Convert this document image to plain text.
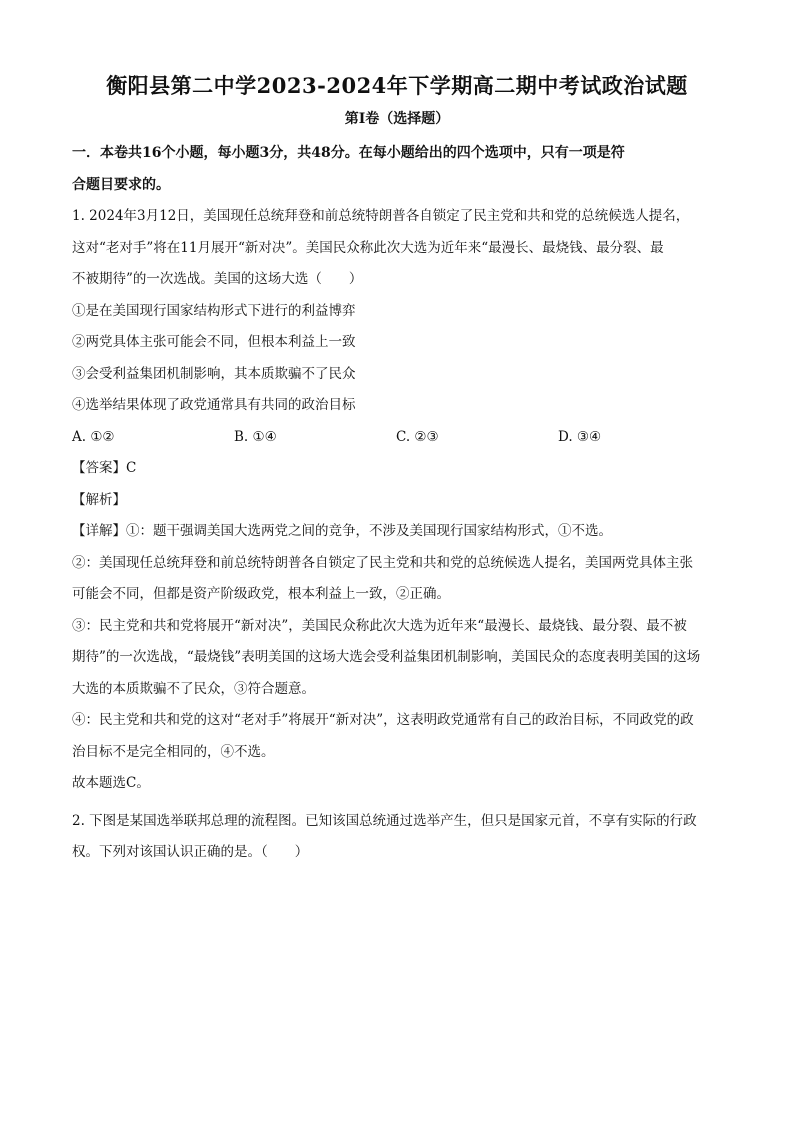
衡阳县第二中学2023-2024年下学期高二期中考试政治试题
第Ⅰ卷（选择题）

一．本卷共16个小题，每小题3分，共48分。在每小题给出的四个选项中，只有一项是符

合题目要求的。

1. 2024年3月12日，美国现任总统拜登和前总统特朗普各自锁定了民主党和共和党的总统候选人提名，

这对“老对手”将在11月展开“新对决”。美国民众称此次大选为近年来“最漫长、最烧钱、最分裂、最

不被期待”的一次选战。美国的这场大选（　　）

①是在美国现行国家结构形式下进行的利益博弈

②两党具体主张可能会不同，但根本利益上一致

③会受利益集团机制影响，其本质欺骗不了民众

④选举结果体现了政党通常具有共同的政治目标

A. ①②	B. ①④	C. ②③	D. ③④

【答案】C

【解析】

【详解】①：题干强调美国大选两党之间的竞争，不涉及美国现行国家结构形式，①不选。

②：美国现任总统拜登和前总统特朗普各自锁定了民主党和共和党的总统候选人提名，美国两党具体主张

可能会不同，但都是资产阶级政党，根本利益上一致，②正确。

③：民主党和共和党将展开“新对决”，美国民众称此次大选为近年来“最漫长、最烧钱、最分裂、最不被

期待”的一次选战，“最烧钱”表明美国的这场大选会受利益集团机制影响，美国民众的态度表明美国的这场

大选的本质欺骗不了民众，③符合题意。

④：民主党和共和党的这对“老对手”将展开“新对决”，这表明政党通常有自己的政治目标，不同政党的政

治目标不是完全相同的，④不选。

故本题选C。

2. 下图是某国选举联邦总理的流程图。已知该国总统通过选举产生，但只是国家元首，不享有实际的行政

权。下列对该国认识正确的是。（　　）
